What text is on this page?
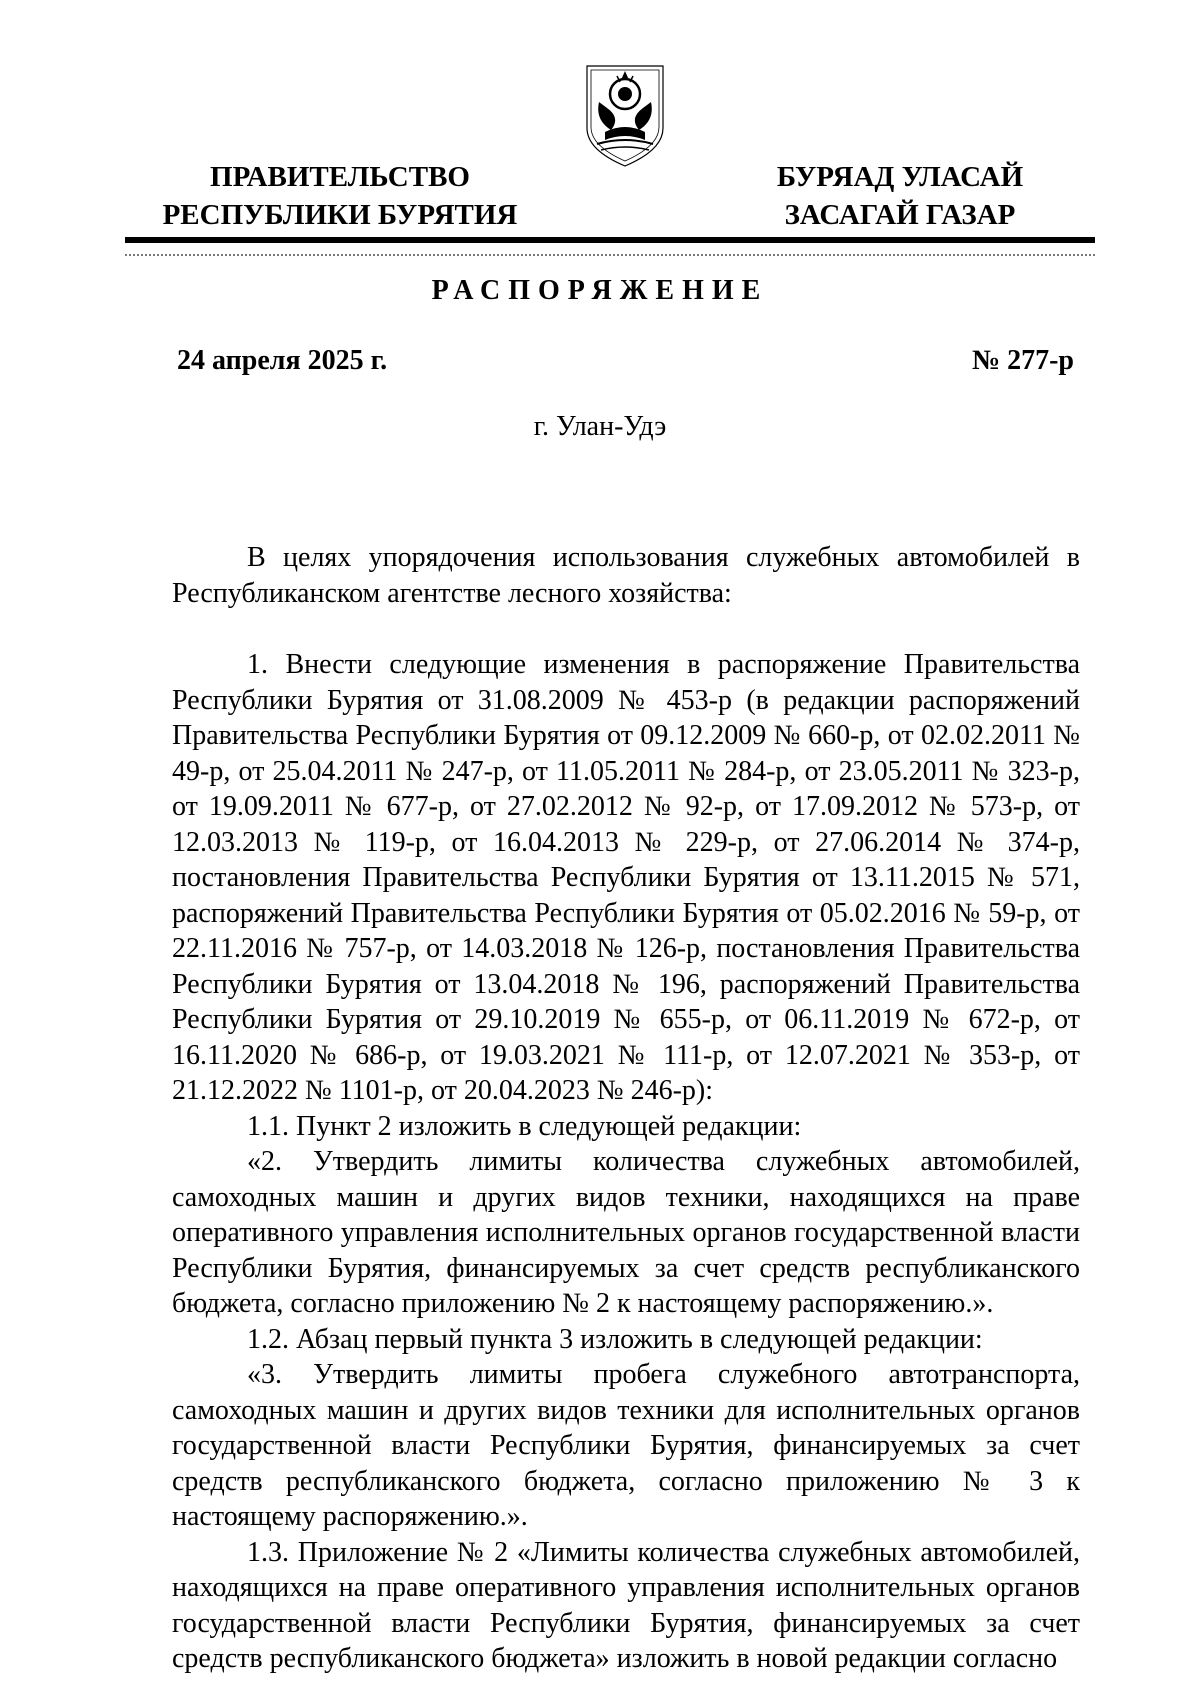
ПРАВИТЕЛЬСТВО
РЕСПУБЛИКИ БУРЯТИЯ
БУРЯАД УЛАСАЙ
ЗАСАГАЙ ГАЗАР
РАСПОРЯЖЕНИЕ
24 апреля 2025 г.	№ 277-р
г. Улан-Удэ

В целях упорядочения использования служебных автомобилей в Республиканском агентстве лесного хозяйства:

1. Внести следующие изменения в распоряжение Правительства Республики Бурятия от 31.08.2009 № 453-р (в редакции распоряжений Правительства Республики Бурятия от 09.12.2009 № 660-р, от 02.02.2011 № 49-р, от 25.04.2011 № 247-р, от 11.05.2011 № 284-р, от 23.05.2011 № 323-р, от 19.09.2011 № 677-р, от 27.02.2012 № 92-р, от 17.09.2012 № 573-р, от 12.03.2013 № 119-р, от 16.04.2013 № 229-р, от 27.06.2014 № 374-р, постановления Правительства Республики Бурятия от 13.11.2015 № 571, распоряжений Правительства Республики Бурятия от 05.02.2016 № 59-р, от 22.11.2016 № 757-р, от 14.03.2018 № 126-р, постановления Правительства Республики Бурятия от 13.04.2018 № 196, распоряжений Правительства Республики Бурятия от 29.10.2019 № 655-р, от 06.11.2019 № 672-р, от 16.11.2020 № 686-р, от 19.03.2021 № 111-р, от 12.07.2021 № 353-р, от 21.12.2022 № 1101-р, от 20.04.2023 № 246-р):

1.1. Пункт 2 изложить в следующей редакции:

«2. Утвердить лимиты количества служебных автомобилей, самоходных машин и других видов техники, находящихся на праве оперативного управления исполнительных органов государственной власти Республики Бурятия, финансируемых за счет средств республиканского бюджета, согласно приложению № 2 к настоящему распоряжению.».

1.2. Абзац первый пункта 3 изложить в следующей редакции:

«3. Утвердить лимиты пробега служебного автотранспорта, самоходных машин и других видов техники для исполнительных органов государственной власти Республики Бурятия, финансируемых за счет средств республиканского бюджета, согласно приложению № 3 к настоящему распоряжению.».

1.3. Приложение № 2 «Лимиты количества служебных автомобилей, находящихся на праве оперативного управления исполнительных органов государственной власти Республики Бурятия, финансируемых за счет средств республиканского бюджета» изложить в новой редакции согласно
